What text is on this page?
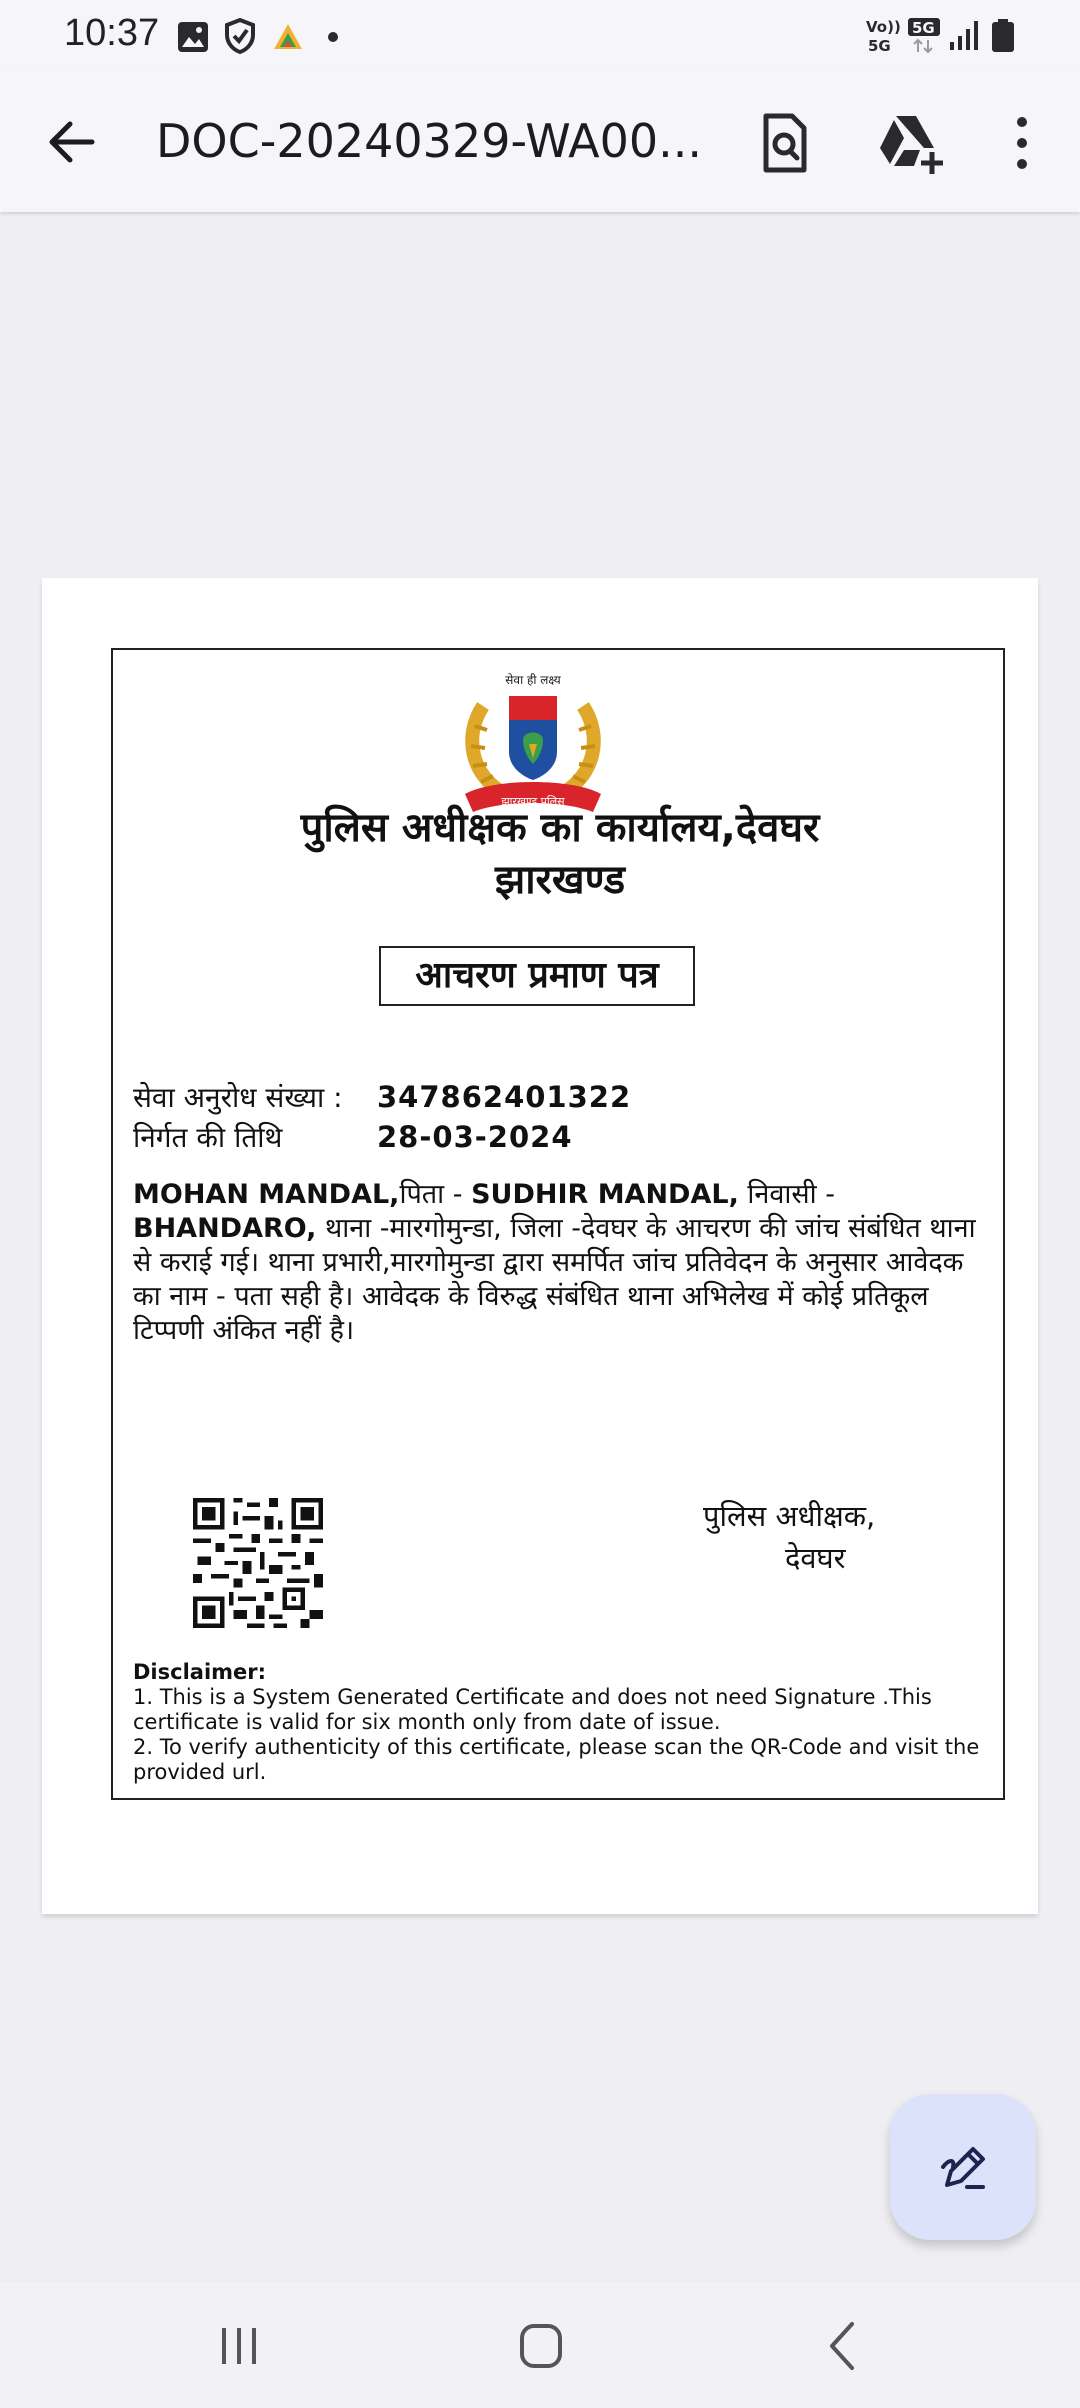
10:37	Vo))
5G
5G
DOC-20240329-WA00...
सेवा ही लक्ष्य
झारखण्ड पुलिस
पुलिस अधीक्षक का कार्यालय,देवघर
झारखण्ड
आचरण प्रमाण पत्र
सेवा अनुरोध संख्या : 347862401322
निर्गत की तिथि	28-03-2024
MOHAN MANDAL,पिता - SUDHIR MANDAL, निवासी - BHANDARO, थाना -मारगोमुन्डा, जिला -देवघर के आचरण की जांच संबंधित थाना से कराई गई। थाना प्रभारी,मारगोमुन्डा द्वारा समर्पित जांच प्रतिवेदन के अनुसार आवेदक का नाम - पता सही है। आवेदक के विरुद्ध संबंधित थाना अभिलेख में कोई प्रतिकूल टिप्पणी अंकित नहीं है।
पुलिस अधीक्षक,
देवघर
Disclaimer:
1. This is a System Generated Certificate and does not need Signature .This certificate is valid for six month only from date of issue.
2. To verify authenticity of this certificate, please scan the QR-Code and visit the provided url.
